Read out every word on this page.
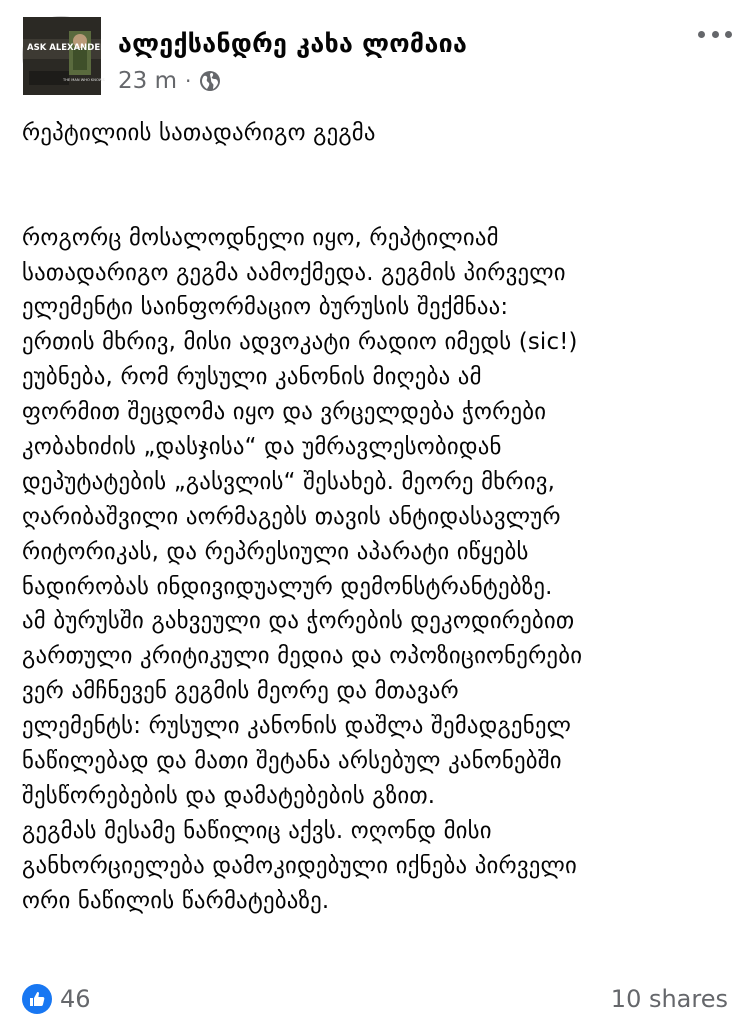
ASK ALEXANDER
THE MAN WHO KNOWS
ალექსანდრე კახა ლომაია
23 m ·
რეპტილიის სათადარიგო გეგმა
როგორც მოსალოდნელი იყო, რეპტილიამ
სათადარიგო გეგმა აამოქმედა. გეგმის პირველი
ელემენტი საინფორმაციო ბურუსის შექმნაა:
ერთის მხრივ, მისი ადვოკატი რადიო იმედს (sic!)
ეუბნება, რომ რუსული კანონის მიღება ამ
ფორმით შეცდომა იყო და ვრცელდება ჭორები
კობახიძის „დასჯისა“ და უმრავლესობიდან
დეპუტატების „გასვლის“ შესახებ. მეორე მხრივ,
ღარიბაშვილი აორმაგებს თავის ანტიდასავლურ
რიტორიკას, და რეპრესიული აპარატი იწყებს
ნადირობას ინდივიდუალურ დემონსტრანტებზე.
ამ ბურუსში გახვეული და ჭორების დეკოდირებით
გართული კრიტიკული მედია და ოპოზიციონერები
ვერ ამჩნევენ გეგმის მეორე და მთავარ
ელემენტს: რუსული კანონის დაშლა შემადგენელ
ნაწილებად და მათი შეტანა არსებულ კანონებში
შესწორებების და დამატებების გზით.
გეგმას მესამე ნაწილიც აქვს. ოღონდ მისი
განხორციელება დამოკიდებული იქნება პირველი
ორი ნაწილის წარმატებაზე.
46	10 shares
